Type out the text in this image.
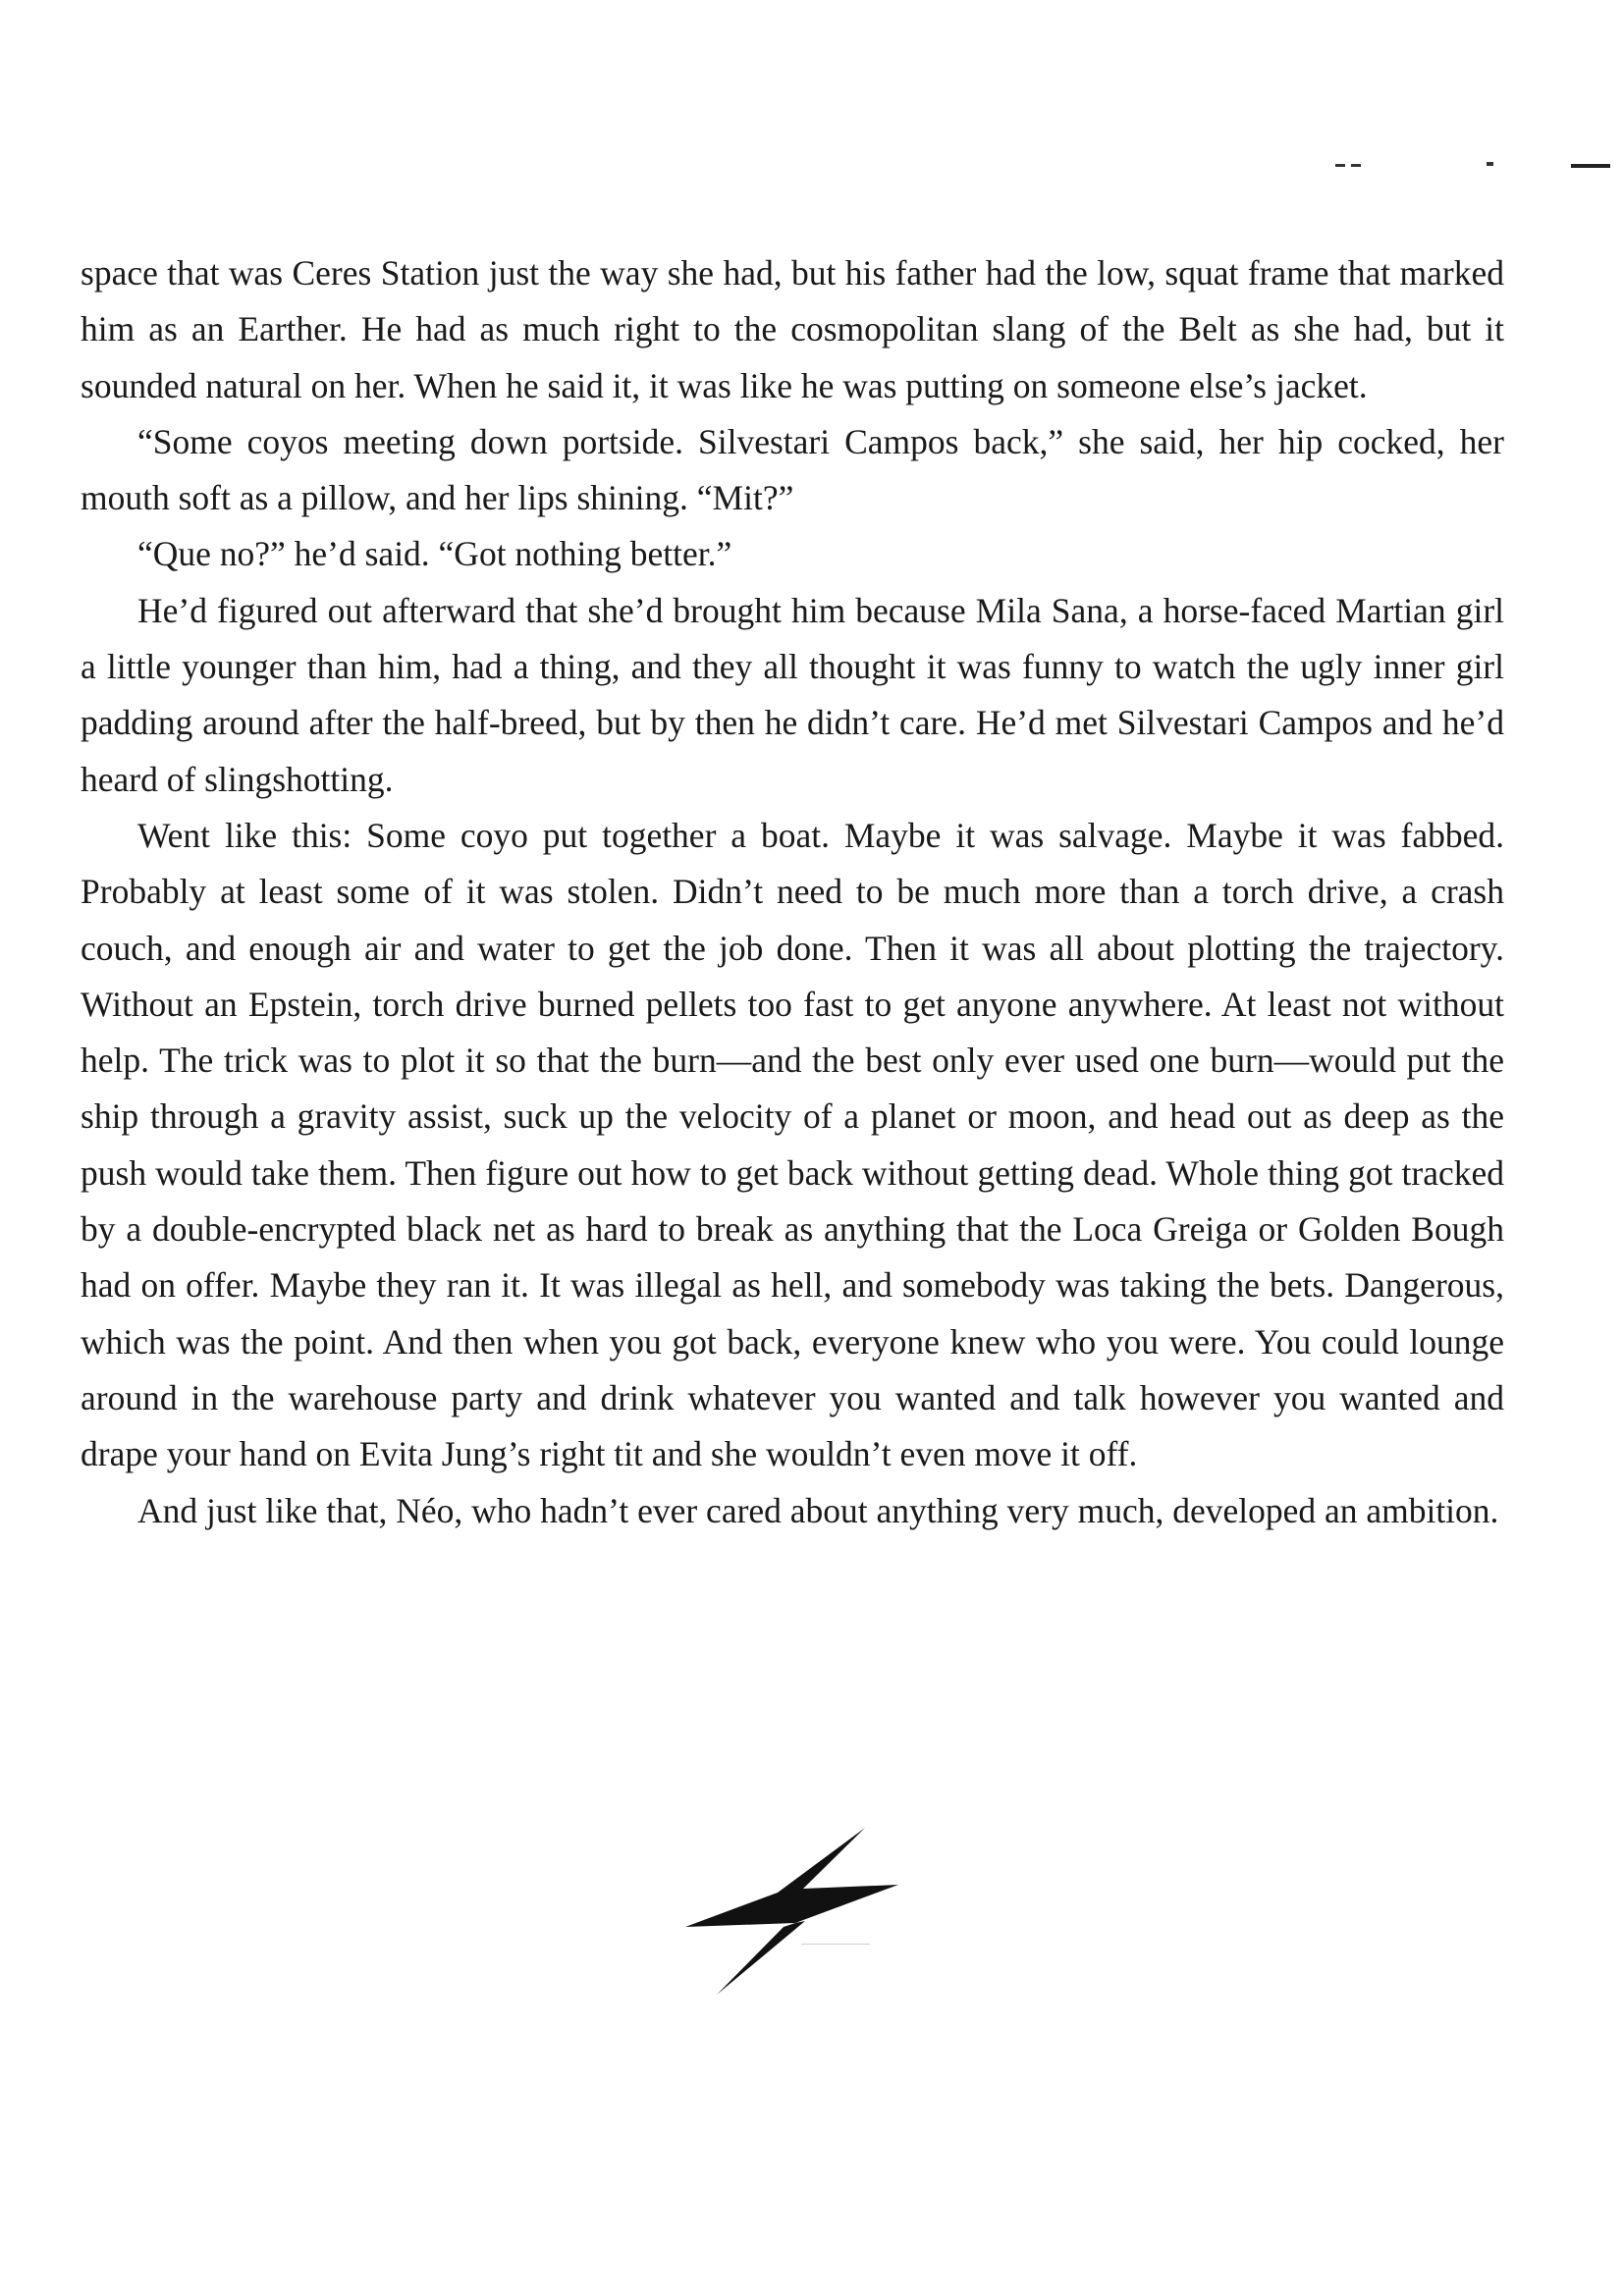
space that was Ceres Station just the way she had, but his father had the low, squat frame that marked him as an Earther. He had as much right to the cosmopolitan slang of the Belt as she had, but it sounded natural on her. When he said it, it was like he was putting on someone else’s jacket.

“Some coyos meeting down portside. Silvestari Campos back,” she said, her hip cocked, her mouth soft as a pillow, and her lips shining. “Mit?”

“Que no?” he’d said. “Got nothing better.”

He’d figured out afterward that she’d brought him because Mila Sana, a horse-faced Martian girl a little younger than him, had a thing, and they all thought it was funny to watch the ugly inner girl padding around after the half-breed, but by then he didn’t care. He’d met Silvestari Campos and he’d heard of slingshotting.

Went like this: Some coyo put together a boat. Maybe it was salvage. Maybe it was fabbed. Probably at least some of it was stolen. Didn’t need to be much more than a torch drive, a crash couch, and enough air and water to get the job done. Then it was all about plotting the trajectory. Without an Epstein, torch drive burned pellets too fast to get anyone anywhere. At least not without help. The trick was to plot it so that the burn—and the best only ever used one burn—would put the ship through a gravity assist, suck up the velocity of a planet or moon, and head out as deep as the push would take them. Then figure out how to get back without getting dead. Whole thing got tracked by a double-encrypted black net as hard to break as anything that the Loca Greiga or Golden Bough had on offer. Maybe they ran it. It was illegal as hell, and somebody was taking the bets. Dangerous, which was the point. And then when you got back, everyone knew who you were. You could lounge around in the warehouse party and drink whatever you wanted and talk however you wanted and drape your hand on Evita Jung’s right tit and she wouldn’t even move it off.

And just like that, Néo, who hadn’t ever cared about anything very much, developed an ambition.
